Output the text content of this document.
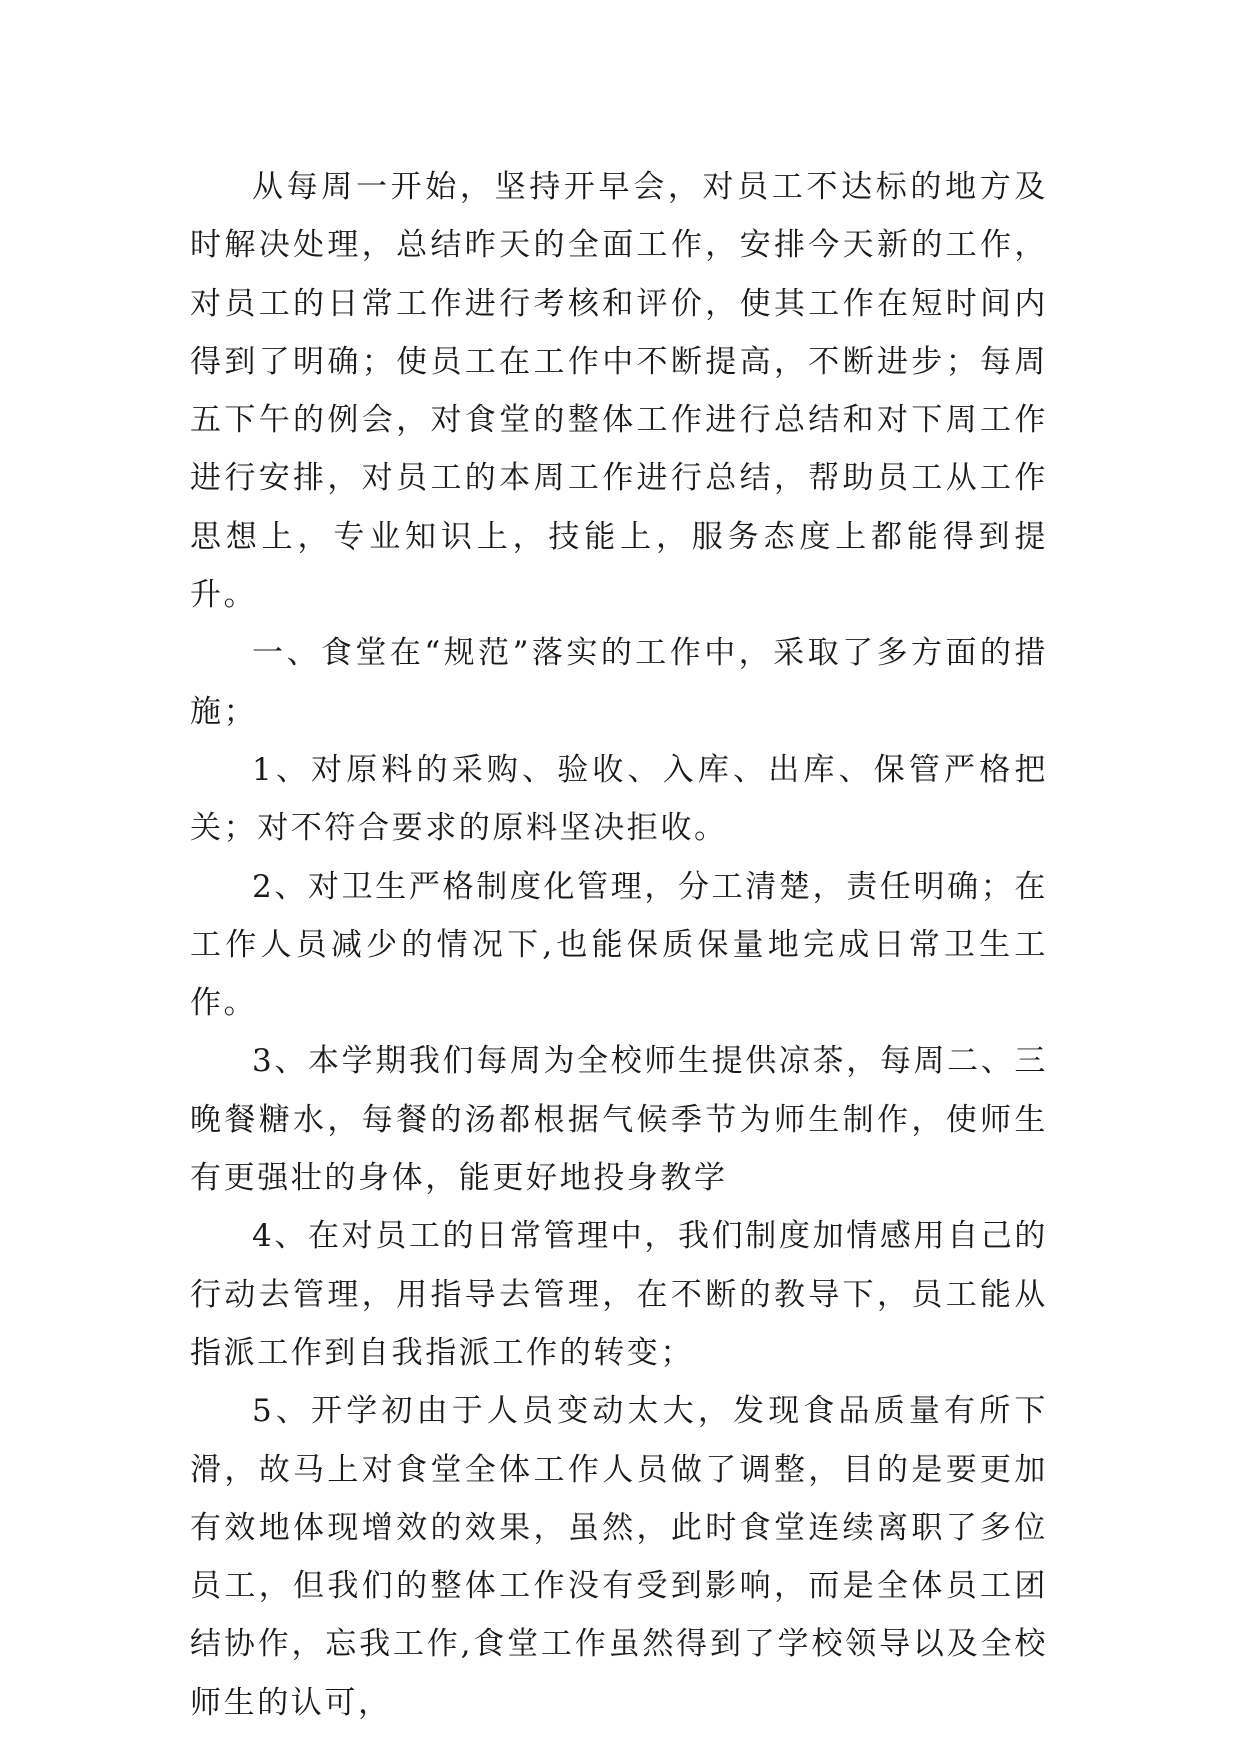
从每周一开始，坚持开早会，对员工不达标的地方及时解决处理，总结昨天的全面工作，安排今天新的工作，对员工的日常工作进行考核和评价，使其工作在短时间内得到了明确；使员工在工作中不断提高，不断进步；每周五下午的例会，对食堂的整体工作进行总结和对下周工作进行安排，对员工的本周工作进行总结，帮助员工从工作思想上，专业知识上，技能上，服务态度上都能得到提升。

一、食堂在“规范”落实的工作中，采取了多方面的措施；

1、对原料的采购、验收、入库、出库、保管严格把关；对不符合要求的原料坚决拒收。

2、对卫生严格制度化管理，分工清楚，责任明确；在工作人员减少的情况下,也能保质保量地完成日常卫生工作。

3、本学期我们每周为全校师生提供凉茶，每周二、三晚餐糖水，每餐的汤都根据气候季节为师生制作，使师生有更强壮的身体，能更好地投身教学

4、在对员工的日常管理中，我们制度加情感用自己的行动去管理，用指导去管理，在不断的教导下，员工能从指派工作到自我指派工作的转变；

5、开学初由于人员变动太大，发现食品质量有所下滑，故马上对食堂全体工作人员做了调整，目的是要更加有效地体现增效的效果，虽然，此时食堂连续离职了多位员工，但我们的整体工作没有受到影响，而是全体员工团结协作，忘我工作,食堂工作虽然得到了学校领导以及全校师生的认可，
